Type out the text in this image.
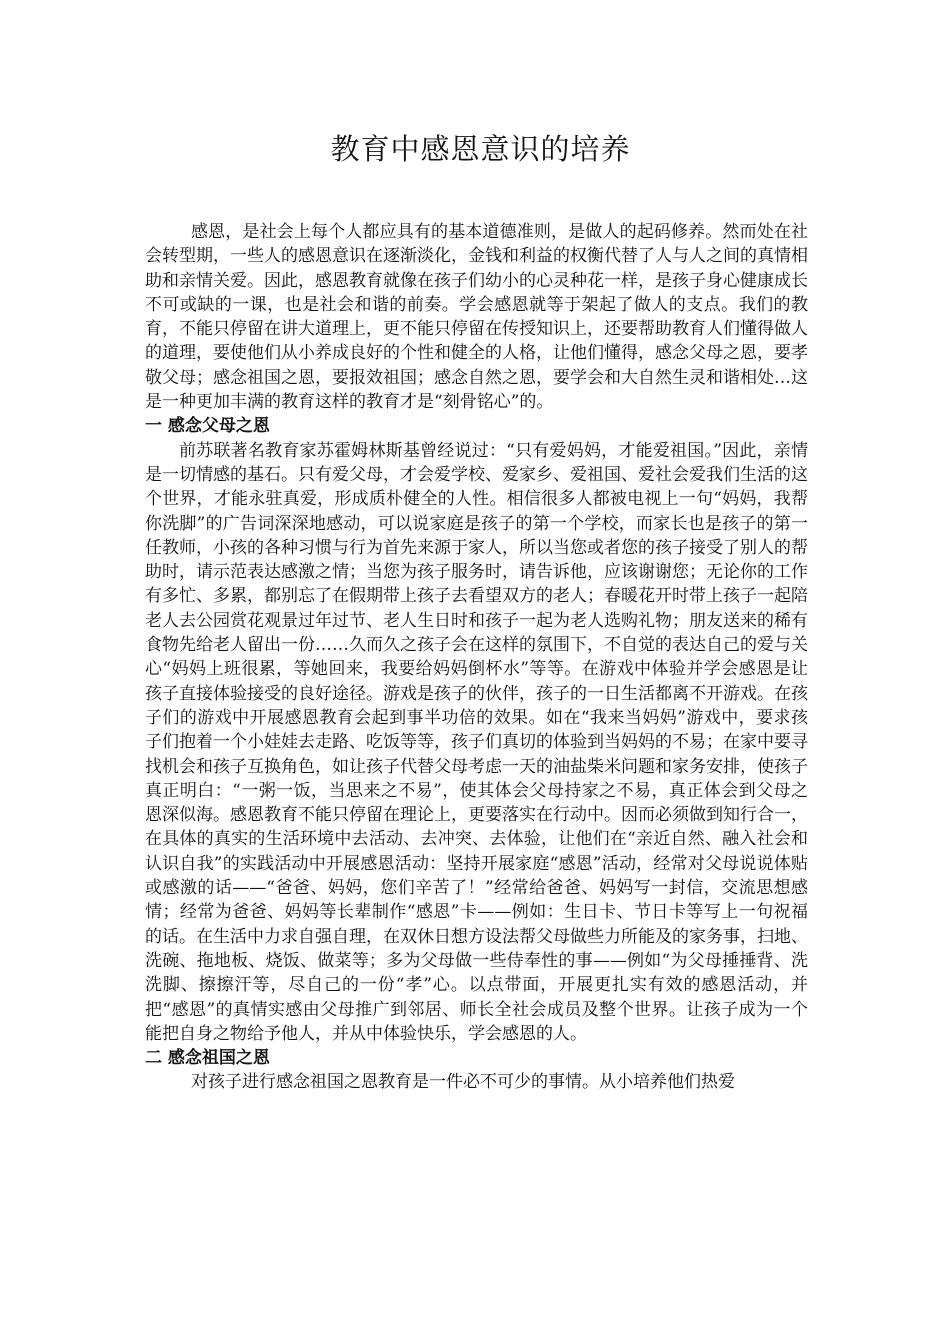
教育中感恩意识的培养

感恩，是社会上每个人都应具有的基本道德准则，是做人的起码修养。然而处在社会转型期，一些人的感恩意识在逐渐淡化，金钱和利益的权衡代替了人与人之间的真情相助和亲情关爱。因此，感恩教育就像在孩子们幼小的心灵种花一样，是孩子身心健康成长不可或缺的一课，也是社会和谐的前奏。学会感恩就等于架起了做人的支点。我们的教育，不能只停留在讲大道理上，更不能只停留在传授知识上，还要帮助教育人们懂得做人的道理，要使他们从小养成良好的个性和健全的人格，让他们懂得，感念父母之恩，要孝敬父母；感念祖国之恩，要报效祖国；感念自然之恩，要学会和大自然生灵和谐相处…这是一种更加丰满的教育这样的教育才是“刻骨铭心”的。

一 感念父母之恩

前苏联著名教育家苏霍姆林斯基曾经说过：“只有爱妈妈，才能爱祖国。”因此，亲情是一切情感的基石。只有爱父母，才会爱学校、爱家乡、爱祖国、爱社会爱我们生活的这个世界，才能永驻真爱，形成质朴健全的人性。相信很多人都被电视上一句“妈妈，我帮你洗脚”的广告词深深地感动，可以说家庭是孩子的第一个学校，而家长也是孩子的第一任教师，小孩的各种习惯与行为首先来源于家人，所以当您或者您的孩子接受了别人的帮助时，请示范表达感激之情；当您为孩子服务时，请告诉他，应该谢谢您；无论你的工作有多忙、多累，都别忘了在假期带上孩子去看望双方的老人；春暖花开时带上孩子一起陪老人去公园赏花观景过年过节、老人生日时和孩子一起为老人选购礼物；朋友送来的稀有食物先给老人留出一份……久而久之孩子会在这样的氛围下，不自觉的表达自己的爱与关心“妈妈上班很累，等她回来，我要给妈妈倒杯水”等等。在游戏中体验并学会感恩是让孩子直接体验接受的良好途径。游戏是孩子的伙伴，孩子的一日生活都离不开游戏。在孩子们的游戏中开展感恩教育会起到事半功倍的效果。如在“我来当妈妈”游戏中，要求孩子们抱着一个小娃娃去走路、吃饭等等，孩子们真切的体验到当妈妈的不易；在家中要寻找机会和孩子互换角色，如让孩子代替父母考虑一天的油盐柴米问题和家务安排，使孩子真正明白：“一粥一饭，当思来之不易”，使其体会父母持家之不易，真正体会到父母之恩深似海。感恩教育不能只停留在理论上，更要落实在行动中。因而必须做到知行合一，在具体的真实的生活环境中去活动、去冲突、去体验，让他们在“亲近自然、融入社会和认识自我”的实践活动中开展感恩活动：坚持开展家庭“感恩”活动，经常对父母说说体贴或感激的话——“爸爸、妈妈，您们辛苦了！”经常给爸爸、妈妈写一封信，交流思想感情；经常为爸爸、妈妈等长辈制作“感恩”卡——例如：生日卡、节日卡等写上一句祝福的话。在生活中力求自强自理，在双休日想方设法帮父母做些力所能及的家务事，扫地、洗碗、拖地板、烧饭、做菜等；多为父母做一些侍奉性的事——例如“为父母捶捶背、洗洗脚、擦擦汗等，尽自己的一份“孝”心。以点带面，开展更扎实有效的感恩活动，并把“感恩”的真情实感由父母推广到邻居、师长全社会成员及整个世界。让孩子成为一个能把自身之物给予他人，并从中体验快乐，学会感恩的人。

二 感念祖国之恩

对孩子进行感念祖国之恩教育是一件必不可少的事情。从小培养他们热爱
